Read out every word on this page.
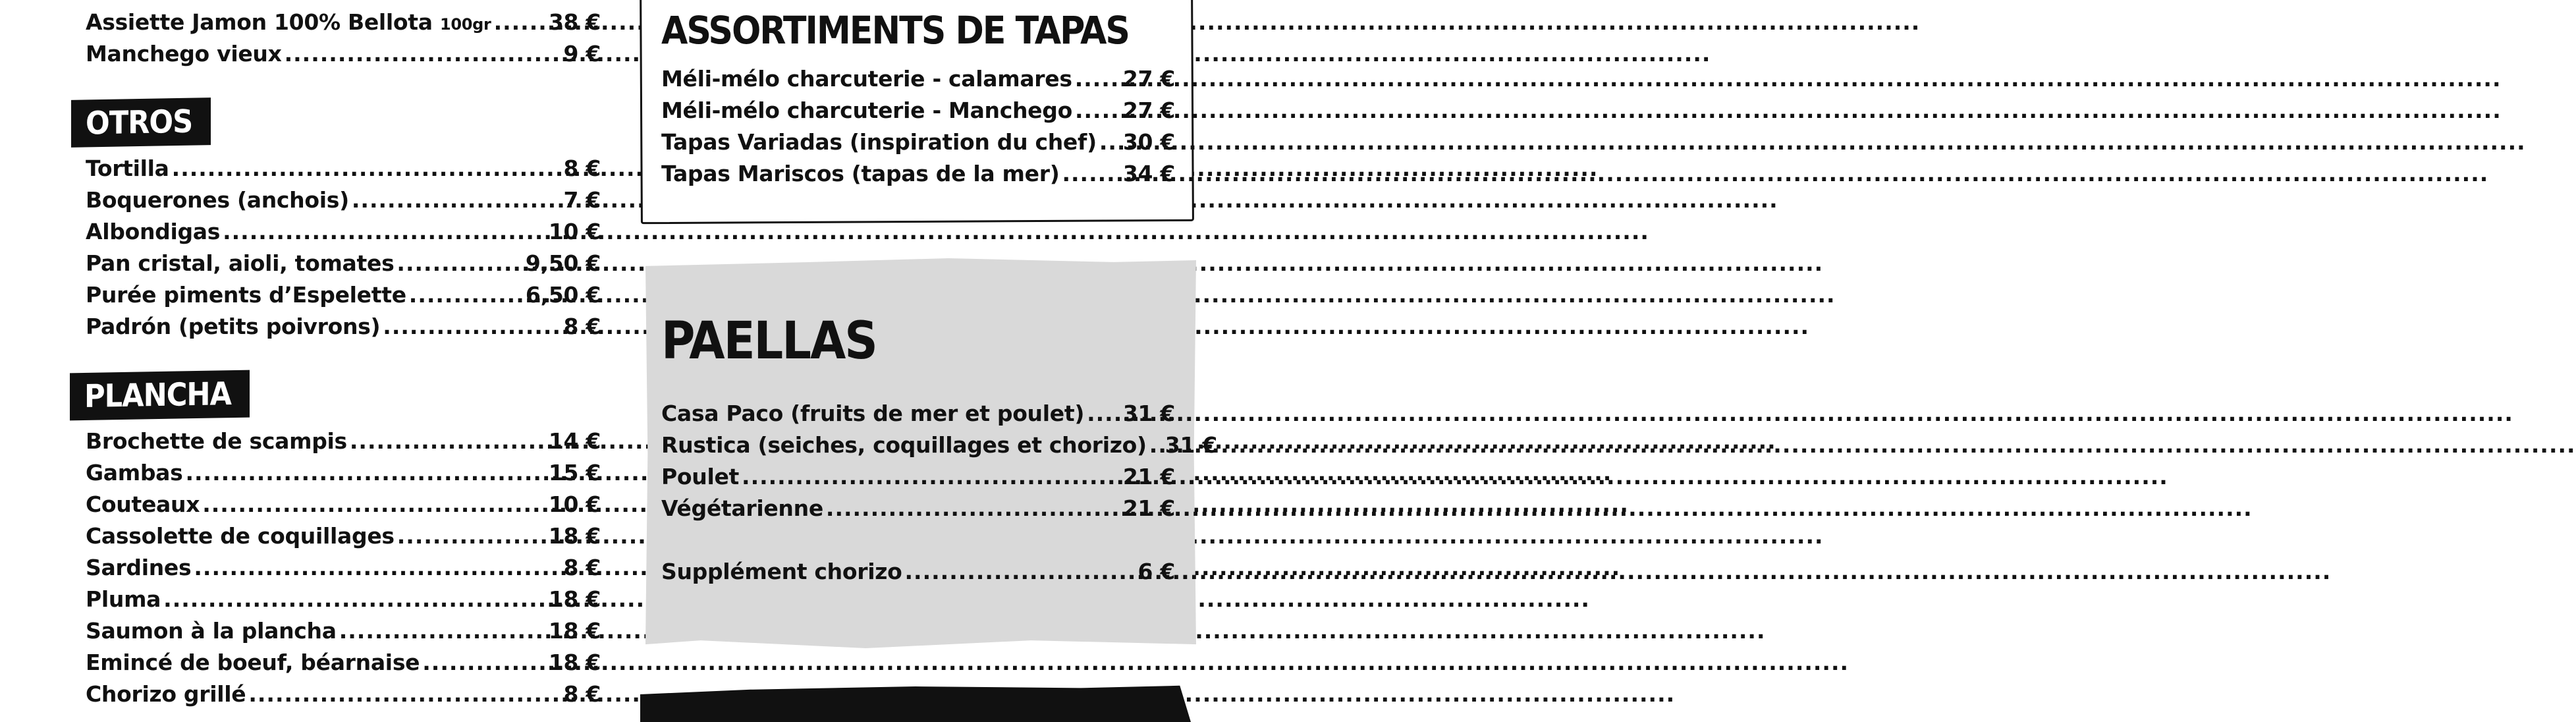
Assiette Jamon 100% Bellota 100gr .....	38 €
Manchego vieux .....	9 €
OTROS
Tortilla .....	8 €
Boquerones (anchois) .....	7 €
Albondigas .....	10 €
Pan cristal, aioli, tomates .....	9,50 €
Purée piments d’Espelette .....	6,50 €
Padrón (petits poivrons) .....	8 €
PLANCHA
Brochette de scampis .....	14 €
Gambas .....	15 €
Couteaux .....	10 €
Cassolette de coquillages .....	18 €
Sardines .....	8 €
Pluma .....	18 €
Saumon à la plancha .....	18 €
Emincé de boeuf, béarnaise .....	18 €
Chorizo grillé .....	8 €
ASSORTIMENTS DE TAPAS
Méli-mélo charcuterie - calamares ..... 27 €
Méli-mélo charcuterie - Manchego ..... 27 €
Tapas Variadas (inspiration du chef) ..... 30 €
Tapas Mariscos (tapas de la mer) .....	34 €
PAELLAS
Casa Paco (fruits de mer et poulet) ..... 31 €
Rustica (seiches, coquillages et chorizo) ..... 31 €
Poulet .....	21 €
Végétarienne .....	21 €
Supplément chorizo .....	6 €
